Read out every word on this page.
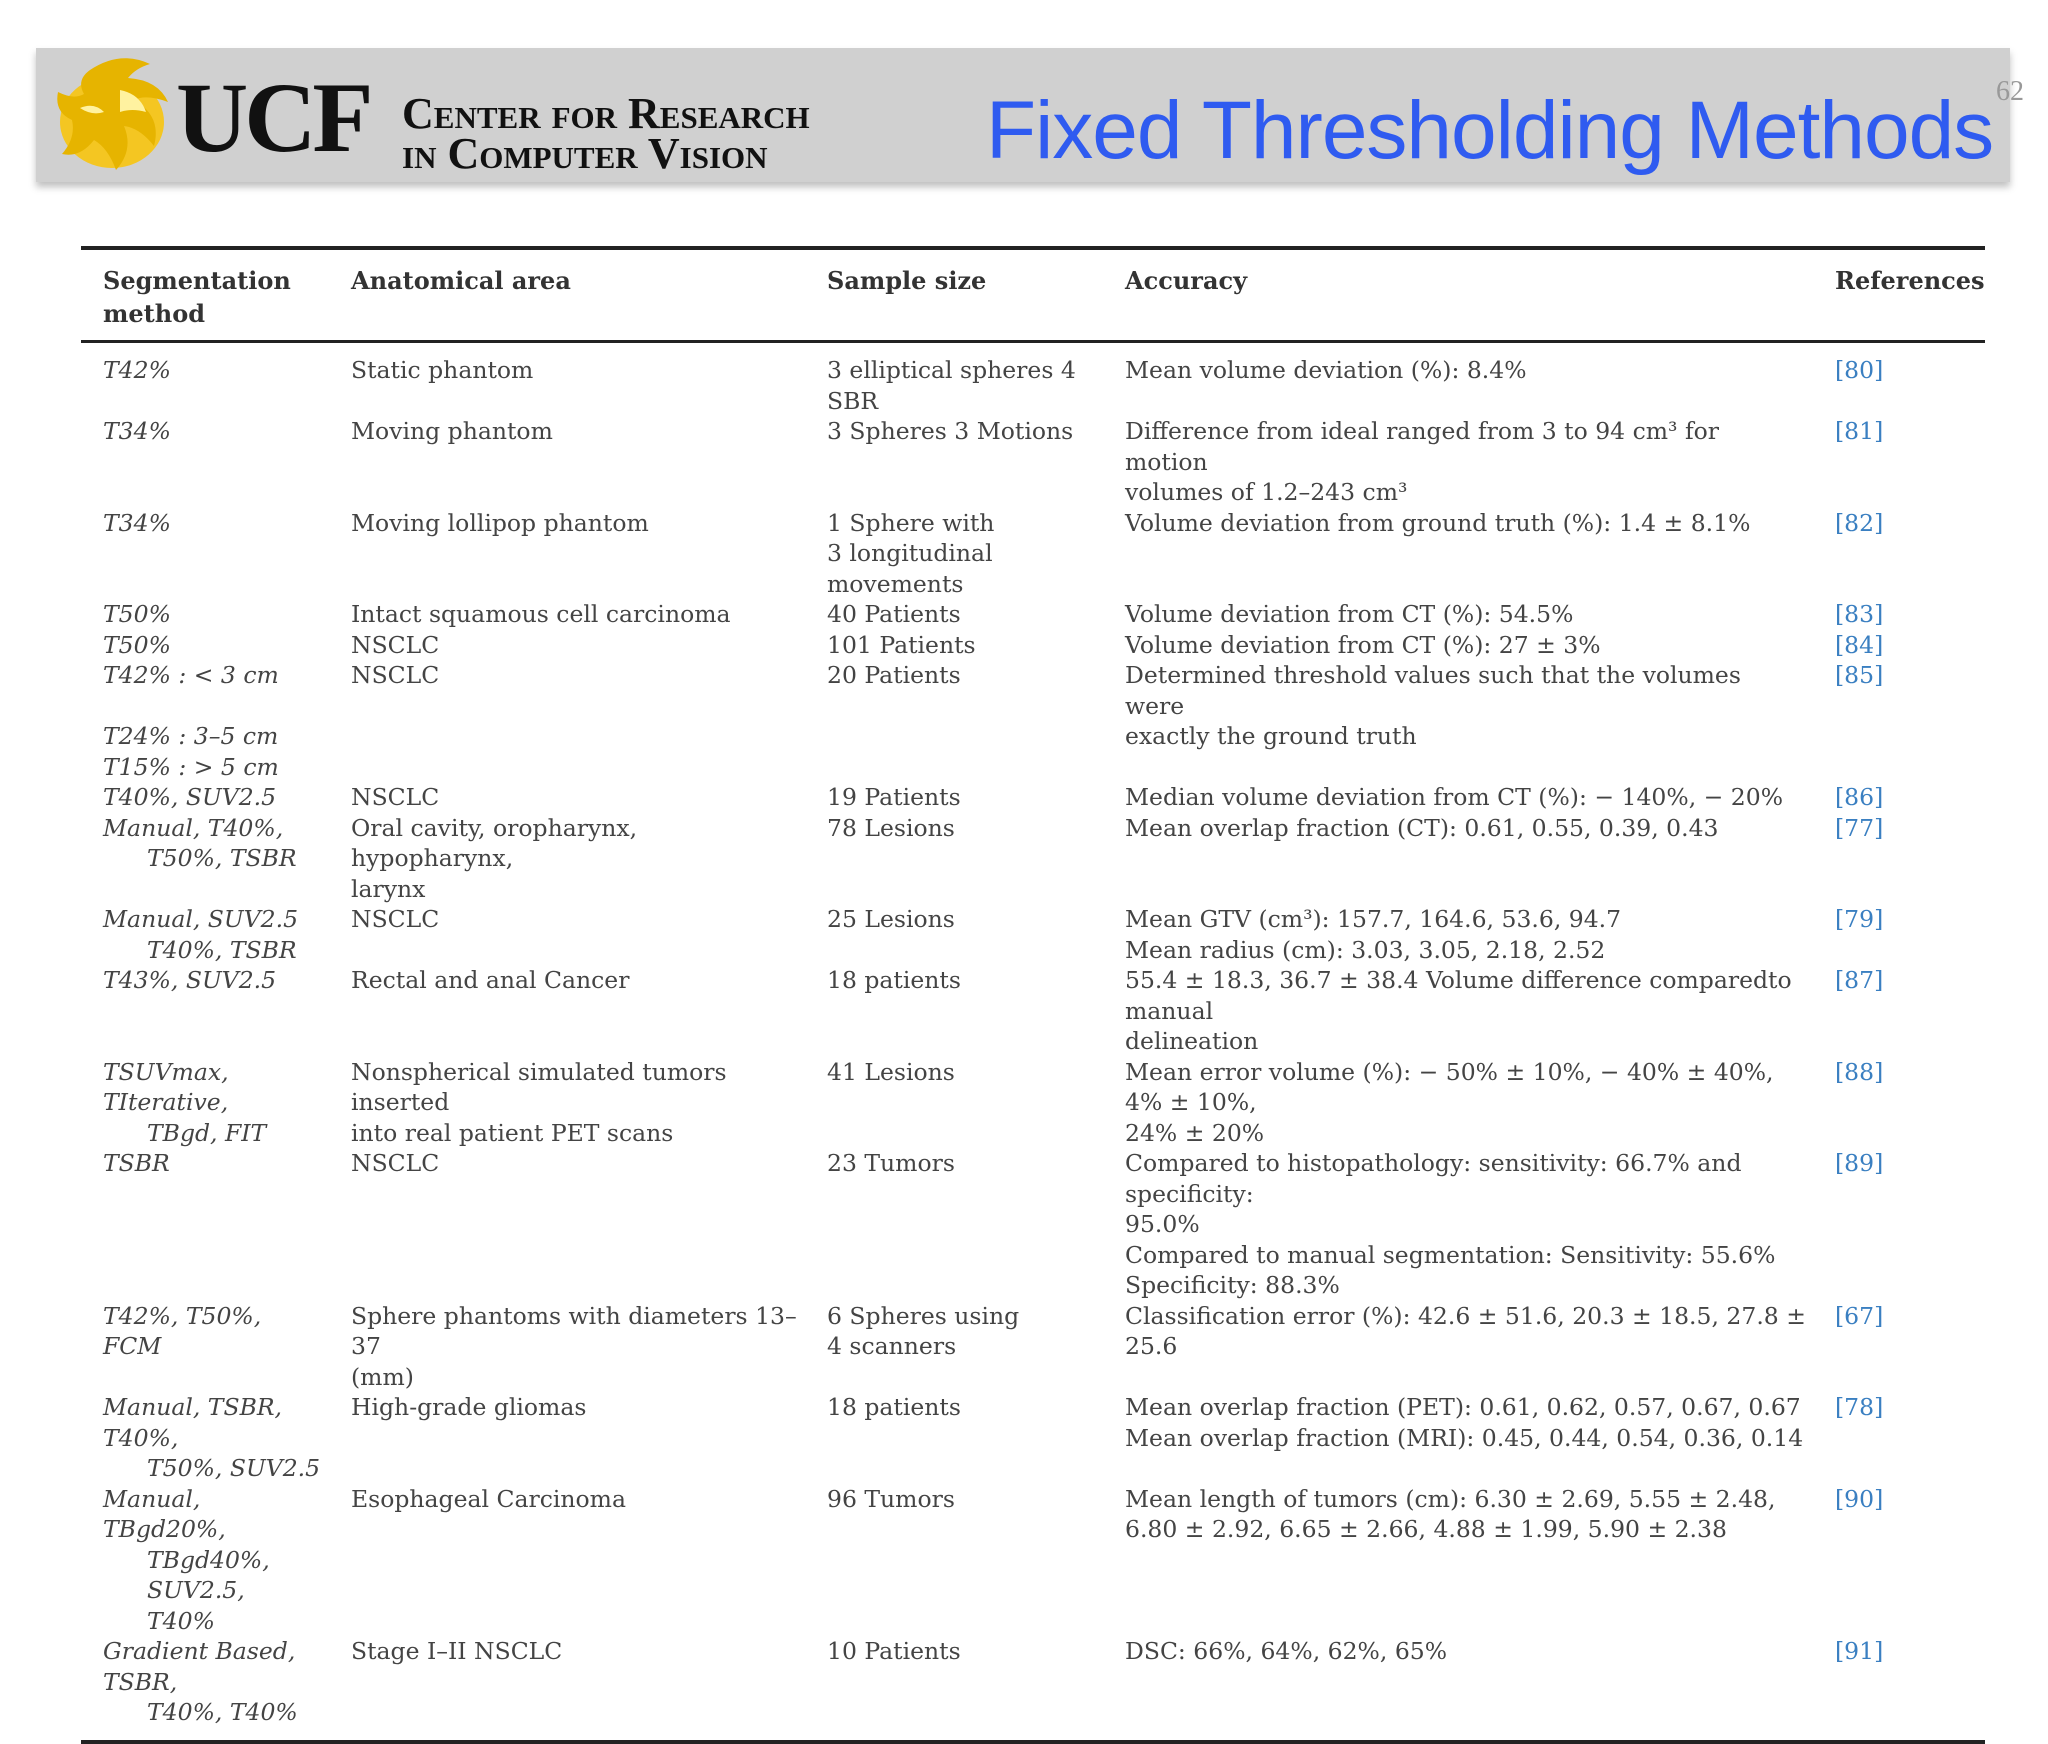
UCF Center for Research
in Computer Vision	Fixed Thresholding Methods 62
Segmentation method	Anatomical area	Sample size	Accuracy	References

T42%	Static phantom	3 elliptical spheres 4 SBR	Mean volume deviation (%): 8.4%	[80]

T34%	Moving phantom	3 Spheres 3 Motions	Difference from ideal ranged from 3 to 94 cm³ for motion
volumes of 1.2–243 cm³	[81]

T34%	Moving lollipop phantom	1 Sphere with
3 longitudinal
movements	Volume deviation from ground truth (%): 1.4 ± 8.1%	[82]

T50%	Intact squamous cell carcinoma	40 Patients	Volume deviation from CT (%): 54.5%	[83]

T50%	NSCLC	101 Patients	Volume deviation from CT (%): 27 ± 3%	[84]

T42% : < 3 cm

T24% : 3–5 cm
T15% : > 5 cm	NSCLC	20 Patients	Determined threshold values such that the volumes were
exactly the ground truth	[85]

T40%, SUV2.5	NSCLC	19 Patients	Median volume deviation from CT (%): − 140%, − 20%	[86]

Manual, T40%,
T50%, TSBR	Oral cavity, oropharynx, hypopharynx,
larynx	78 Lesions	Mean overlap fraction (CT): 0.61, 0.55, 0.39, 0.43	[77]

Manual, SUV2.5
T40%, TSBR	NSCLC	25 Lesions	Mean GTV (cm³): 157.7, 164.6, 53.6, 94.7
Mean radius (cm): 3.03, 3.05, 2.18, 2.52	[79]

T43%, SUV2.5	Rectal and anal Cancer	18 patients	55.4 ± 18.3, 36.7 ± 38.4 Volume difference comparedto manual
delineation	[87]

TSUVmax, TIterative,
TBgd, FIT	Nonspherical simulated tumors inserted
into real patient PET scans	41 Lesions	Mean error volume (%): − 50% ± 10%, − 40% ± 40%, 4% ± 10%,
24% ± 20%	[88]

TSBR	NSCLC	23 Tumors	Compared to histopathology: sensitivity: 66.7% and specificity:
95.0%
Compared to manual segmentation: Sensitivity: 55.6%
Specificity: 88.3%	[89]

T42%, T50%, FCM	Sphere phantoms with diameters 13–37
(mm)	6 Spheres using
4 scanners	Classification error (%): 42.6 ± 51.6, 20.3 ± 18.5, 27.8 ± 25.6	[67]

Manual, TSBR, T40%,
T50%, SUV2.5	High-grade gliomas	18 patients	Mean overlap fraction (PET): 0.61, 0.62, 0.57, 0.67, 0.67
Mean overlap fraction (MRI): 0.45, 0.44, 0.54, 0.36, 0.14	[78]

Manual, TBgd20%,
TBgd40%, SUV2.5,
T40%	Esophageal Carcinoma	96 Tumors	Mean length of tumors (cm): 6.30 ± 2.69, 5.55 ± 2.48,
6.80 ± 2.92, 6.65 ± 2.66, 4.88 ± 1.99, 5.90 ± 2.38	[90]

Gradient Based, TSBR,
T40%, T40%	Stage I–II NSCLC	10 Patients	DSC: 66%, 64%, 62%, 65%	[91]
